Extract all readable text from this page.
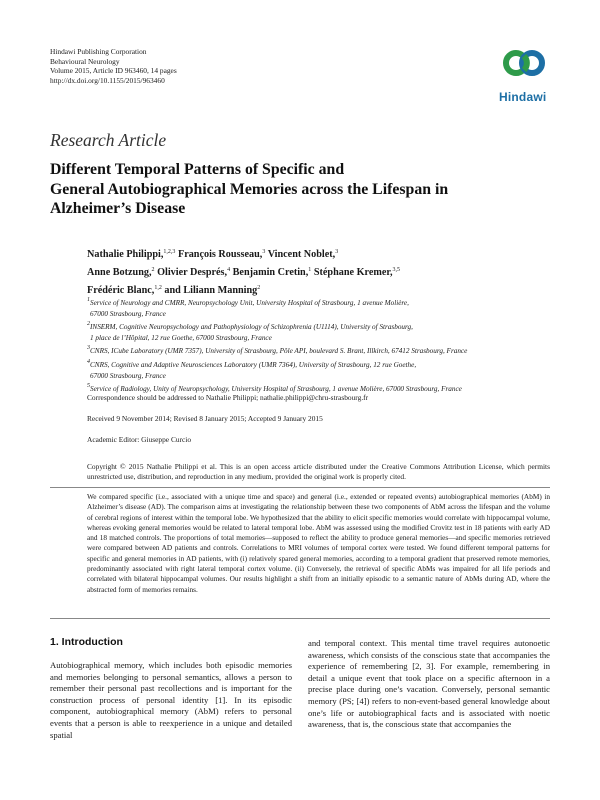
Hindawi Publishing Corporation
Behavioural Neurology
Volume 2015, Article ID 963460, 14 pages
http://dx.doi.org/10.1155/2015/963460
Hindawi
Research Article
Different Temporal Patterns of Specific and
General Autobiographical Memories across the Lifespan in
Alzheimer’s Disease
Nathalie Philippi,$^{1,2,3}$ François Rousseau,$^3$ Vincent Noblet,$^3$
Anne Botzung,$^2$ Olivier Després,$^4$ Benjamin Cretin,$^1$ Stéphane Kremer,$^{3,5}$
Frédéric Blanc,$^{1,2}$ and Liliann Manning$^2$
$^1$Service of Neurology and CMRR, Neuropsychology Unit, University Hospital of Strasbourg, 1 avenue Molière,
67000 Strasbourg, France
$^2$INSERM, Cognitive Neuropsychology and Pathophysiology of Schizophrenia (U1114), University of Strasbourg,
1 place de l’Hôpital, 12 rue Goethe, 67000 Strasbourg, France
$^3$CNRS, ICube Laboratory (UMR 7357), University of Strasbourg, Pôle API, boulevard S. Brant, Illkirch, 67412 Strasbourg, France
$^4$CNRS, Cognitive and Adaptive Neurosciences Laboratory (UMR 7364), University of Strasbourg, 12 rue Goethe,
67000 Strasbourg, France
$^5$Service of Radiology, Unity of Neuropsychology, University Hospital of Strasbourg, 1 avenue Molière, 67000 Strasbourg, France
Correspondence should be addressed to Nathalie Philippi; nathalie.philippi@chru-strasbourg.fr
Received 9 November 2014; Revised 8 January 2015; Accepted 9 January 2015
Academic Editor: Giuseppe Curcio
Copyright © 2015 Nathalie Philippi et al. This is an open access article distributed under the Creative Commons Attribution License, which permits unrestricted use, distribution, and reproduction in any medium, provided the original work is properly cited.
We compared specific (i.e., associated with a unique time and space) and general (i.e., extended or repeated events) autobiographical memories (AbM) in Alzheimer’s disease (AD). The comparison aims at investigating the relationship between these two components of AbM across the lifespan and the volume of cerebral regions of interest within the temporal lobe. We hypothesized that the ability to elicit specific memories would correlate with hippocampal volume, whereas evoking general memories would be related to lateral temporal lobe. AbM was assessed using the modified Crovitz test in 18 patients with early AD and 18 matched controls. The proportions of total memories—supposed to reflect the ability to produce general memories—and specific memories retrieved were compared between AD patients and controls. Correlations to MRI volumes of temporal cortex were tested. We found different temporal patterns for specific and general memories in AD patients, with (i) relatively spared general memories, according to a temporal gradient that preserved remote memories, predominantly associated with right lateral temporal cortex volume. (ii) Conversely, the retrieval of specific AbMs was impaired for all life periods and correlated with bilateral hippocampal volumes. Our results highlight a shift from an initially episodic to a semantic nature of AbMs during AD, where the abstracted form of memories remains.
1. Introduction
Autobiographical memory, which includes both episodic memories and memories belonging to personal semantics, allows a person to remember their personal past recollections and is important for the construction process of personal identity [1]. In its episodic component, autobiographical memory (AbM) refers to personal events that a person is able to reexperience in a unique and detailed spatial
and temporal context. This mental time travel requires autonoetic awareness, which consists of the conscious state that accompanies the experience of remembering [2, 3]. For example, remembering in detail a unique event that took place on a specific afternoon in a precise place during one’s vacation. Conversely, personal semantic memory (PS; [4]) refers to non-event-based general knowledge about one’s life or autobiographical facts and is associated with noetic awareness, that is, the conscious state that accompanies the
